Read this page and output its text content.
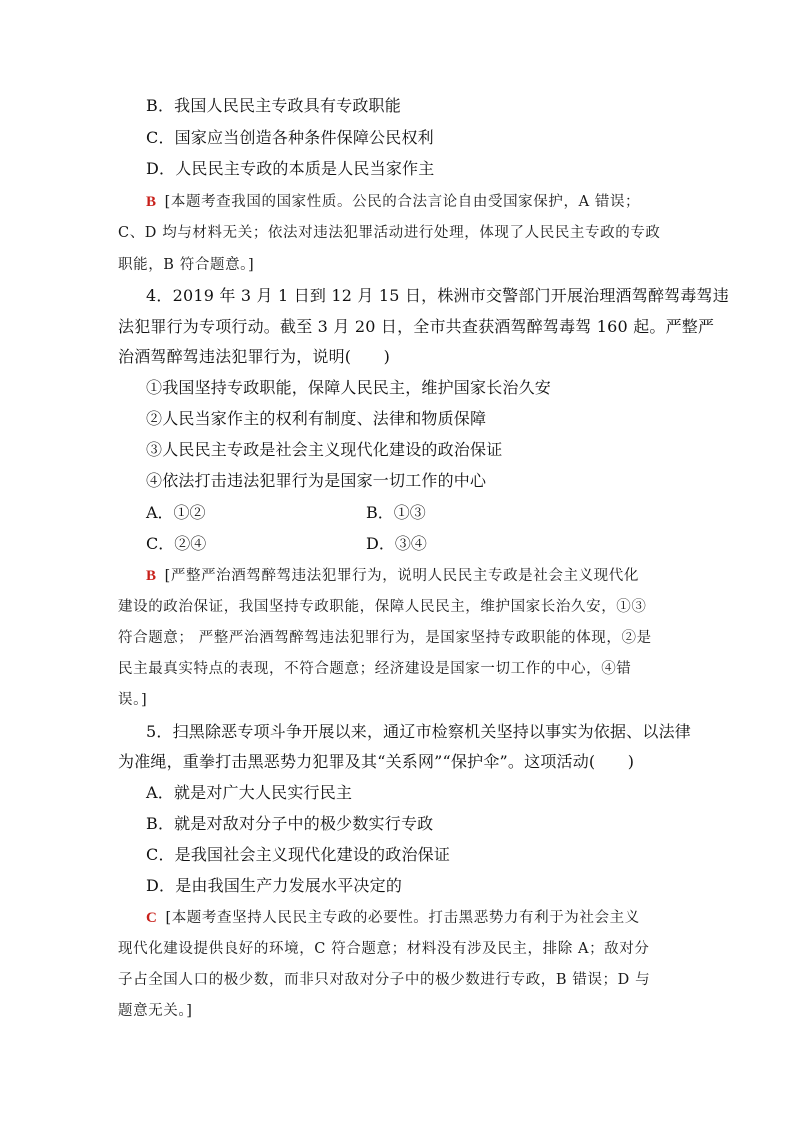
B．我国人民民主专政具有专政职能
C．国家应当创造各种条件保障公民权利
D．人民民主专政的本质是人民当家作主
B [本题考查我国的国家性质。公民的合法言论自由受国家保护，A 错误；
C、D 均与材料无关；依法对违法犯罪活动进行处理，体现了人民民主专政的专政
职能，B 符合题意。]
4．2019 年 3 月 1 日到 12 月 15 日，株洲市交警部门开展治理酒驾醉驾毒驾违
法犯罪行为专项行动。截至 3 月 20 日，全市共查获酒驾醉驾毒驾 160 起。严整严
治酒驾醉驾违法犯罪行为，说明(　　)
①我国坚持专政职能，保障人民民主，维护国家长治久安
②人民当家作主的权利有制度、法律和物质保障
③人民民主专政是社会主义现代化建设的政治保证
④依法打击违法犯罪行为是国家一切工作的中心
A．①②	B．①③
C．②④	D．③④
B [严整严治酒驾醉驾违法犯罪行为，说明人民民主专政是社会主义现代化
建设的政治保证，我国坚持专政职能，保障人民民主，维护国家长治久安，①③
符合题意； 严整严治酒驾醉驾违法犯罪行为，是国家坚持专政职能的体现，②是
民主最真实特点的表现，不符合题意；经济建设是国家一切工作的中心，④错
误。]
5．扫黑除恶专项斗争开展以来，通辽市检察机关坚持以事实为依据、以法律
为准绳，重拳打击黑恶势力犯罪及其“关系网”“保护伞”。这项活动(　　)
A．就是对广大人民实行民主
B．就是对敌对分子中的极少数实行专政
C．是我国社会主义现代化建设的政治保证
D．是由我国生产力发展水平决定的
C [本题考查坚持人民民主专政的必要性。打击黑恶势力有利于为社会主义
现代化建设提供良好的环境，C 符合题意；材料没有涉及民主，排除 A；敌对分
子占全国人口的极少数，而非只对敌对分子中的极少数进行专政，B 错误；D 与
题意无关。]
